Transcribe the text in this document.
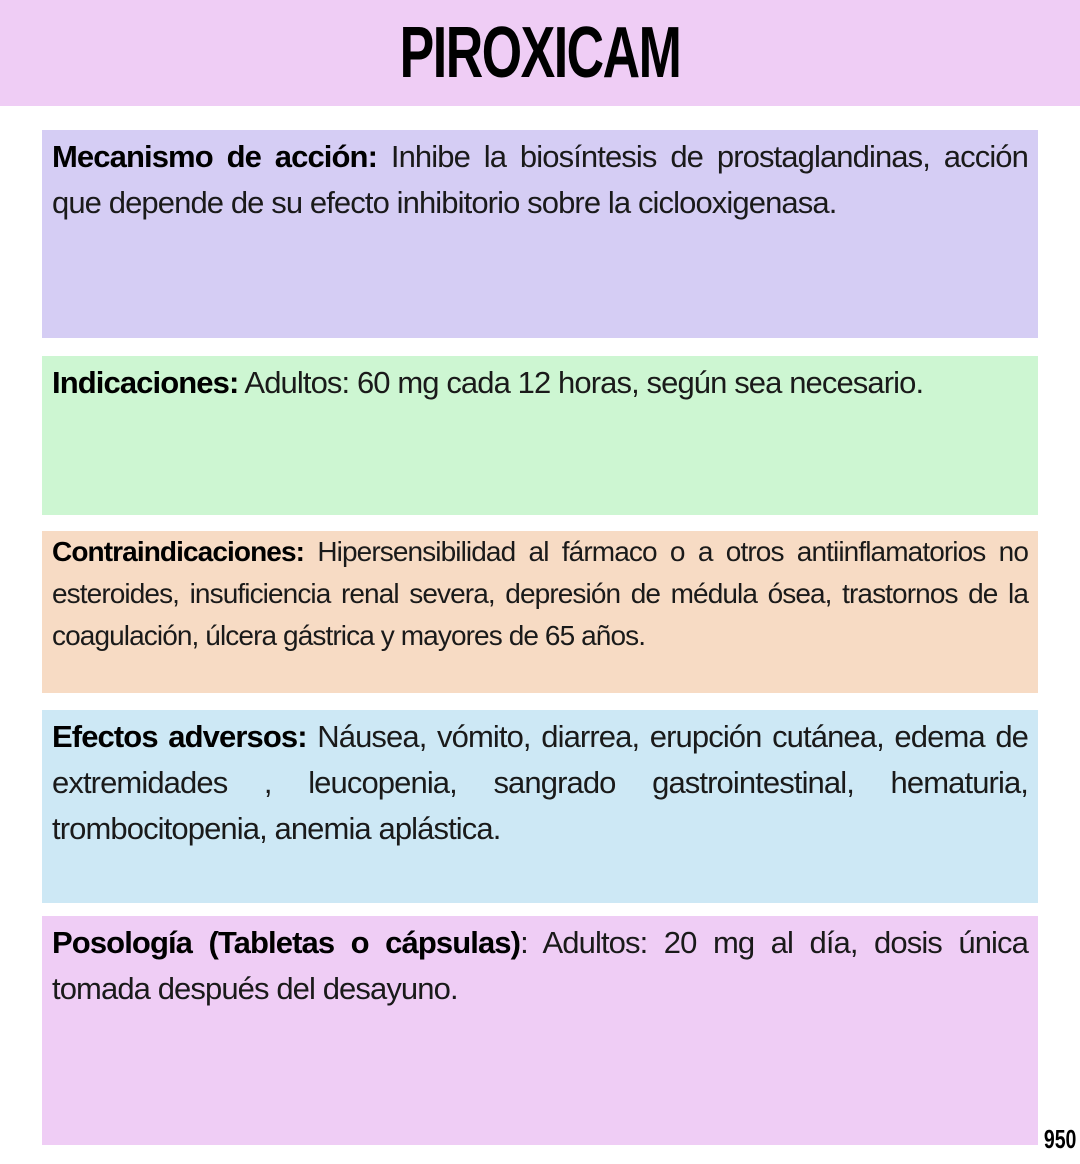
PIROXICAM

Mecanismo de acción: Inhibe la biosíntesis de prostaglandinas, acción que depende de su efecto inhibitorio sobre la ciclooxigenasa.

Indicaciones: Adultos: 60 mg cada 12 horas, según sea necesario.

Contraindicaciones: Hipersensibilidad al fármaco o a otros antiinflamatorios no esteroides, insuficiencia renal severa, depresión de médula ósea, trastornos de la coagulación, úlcera gástrica y mayores de 65 años.

Efectos adversos: Náusea, vómito, diarrea, erupción cutánea, edema de extremidades , leucopenia, sangrado gastrointestinal, hematuria, trombocitopenia, anemia aplástica.

Posología (Tabletas o cápsulas): Adultos: 20 mg al día, dosis única tomada después del desayuno.

950
